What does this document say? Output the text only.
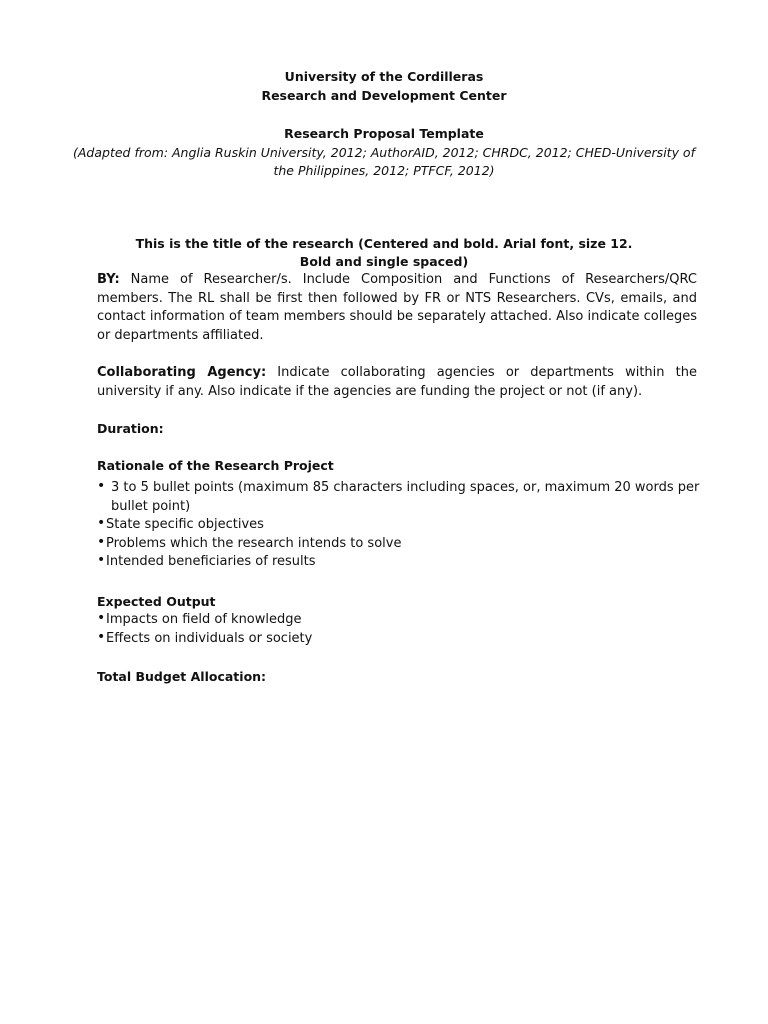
University of the Cordilleras
Research and Development Center
Research Proposal Template
(Adapted from: Anglia Ruskin University, 2012; AuthorAID, 2012; CHRDC, 2012; CHED-University of
the Philippines, 2012; PTFCF, 2012)
This is the title of the research (Centered and bold. Arial font, size 12.
Bold and single spaced)
BY: Name of Researcher/s. Include Composition and Functions of Researchers/QRC members. The RL shall be first then followed by FR or NTS Researchers. CVs, emails, and contact information of team members should be separately attached. Also indicate colleges or departments affiliated.
Collaborating Agency: Indicate collaborating agencies or departments within the university if any. Also indicate if the agencies are funding the project or not (if any).
Duration:
Rationale of the Research Project
• 3 to 5 bullet points (maximum 85 characters including spaces, or, maximum 20 words per
bullet point)
• State specific objectives
• Problems which the research intends to solve
• Intended beneficiaries of results
Expected Output
• Impacts on field of knowledge
• Effects on individuals or society
Total Budget Allocation:
